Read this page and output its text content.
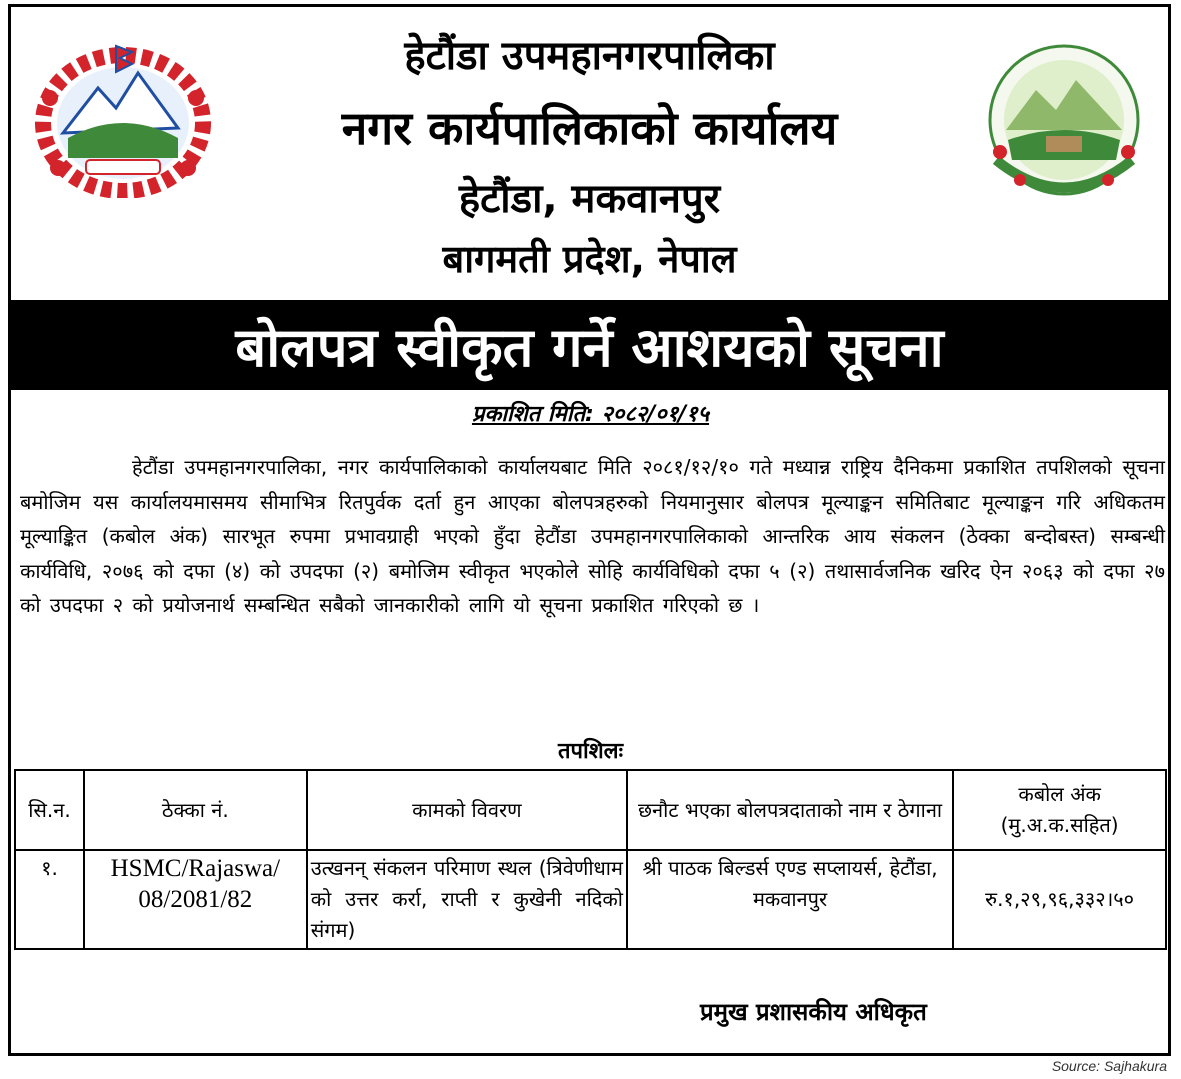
हेटौंडा उपमहानगरपालिका
नगर कार्यपालिकाको कार्यालय
हेटौंडा, मकवानपुर
बागमती प्रदेश, नेपाल
बोलपत्र स्वीकृत गर्ने आशयको सूचना
प्रकाशित मिति: २०८२/०१/१५
हेटौंडा उपमहानगरपालिका, नगर कार्यपालिकाको कार्यालयबाट मिति २०८१/१२/१० गते मध्यान्न राष्ट्रिय दैनिकमा प्रकाशित तपशिलको सूचना बमोजिम यस कार्यालयमासमय सीमाभित्र रितपुर्वक दर्ता हुन आएका बोलपत्रहरुको नियमानुसार बोलपत्र मूल्याङ्कन समितिबाट मूल्याङ्कन गरि अधिकतम मूल्याङ्कित (कबोल अंक) सारभूत रुपमा प्रभावग्राही भएको हुँदा हेटौंडा उपमहानगरपालिकाको आन्तरिक आय संकलन (ठेक्का बन्दोबस्त) सम्बन्धी कार्यविधि, २०७६ को दफा (४) को उपदफा (२) बमोजिम स्वीकृत भएकोले सोहि कार्यविधिको दफा ५ (२) तथासार्वजनिक खरिद ऐन २०६३ को दफा २७ को उपदफा २ को प्रयोजनार्थ सम्बन्धित सबैको जानकारीको लागि यो सूचना प्रकाशित गरिएको छ ।
तपशिलः
सि.न.	ठेक्का नं.	कामको विवरण	छनौट भएका बोलपत्रदाताको नाम र ठेगाना	कबोल अंक (मु.अ.क.सहित)
१.	HSMC/Rajaswa/ 08/2081/82	उत्खनन् संकलन परिमाण स्थल (त्रिवेणीधाम को उत्तर कर्रा, राप्ती र कुखेनी नदिको संगम)	श्री पाठक बिल्डर्स एण्ड सप्लायर्स, हेटौंडा, मकवानपुर	रु.१,२९,९६,३३२।५०
प्रमुख प्रशासकीय अधिकृत
Source: Sajhakura
